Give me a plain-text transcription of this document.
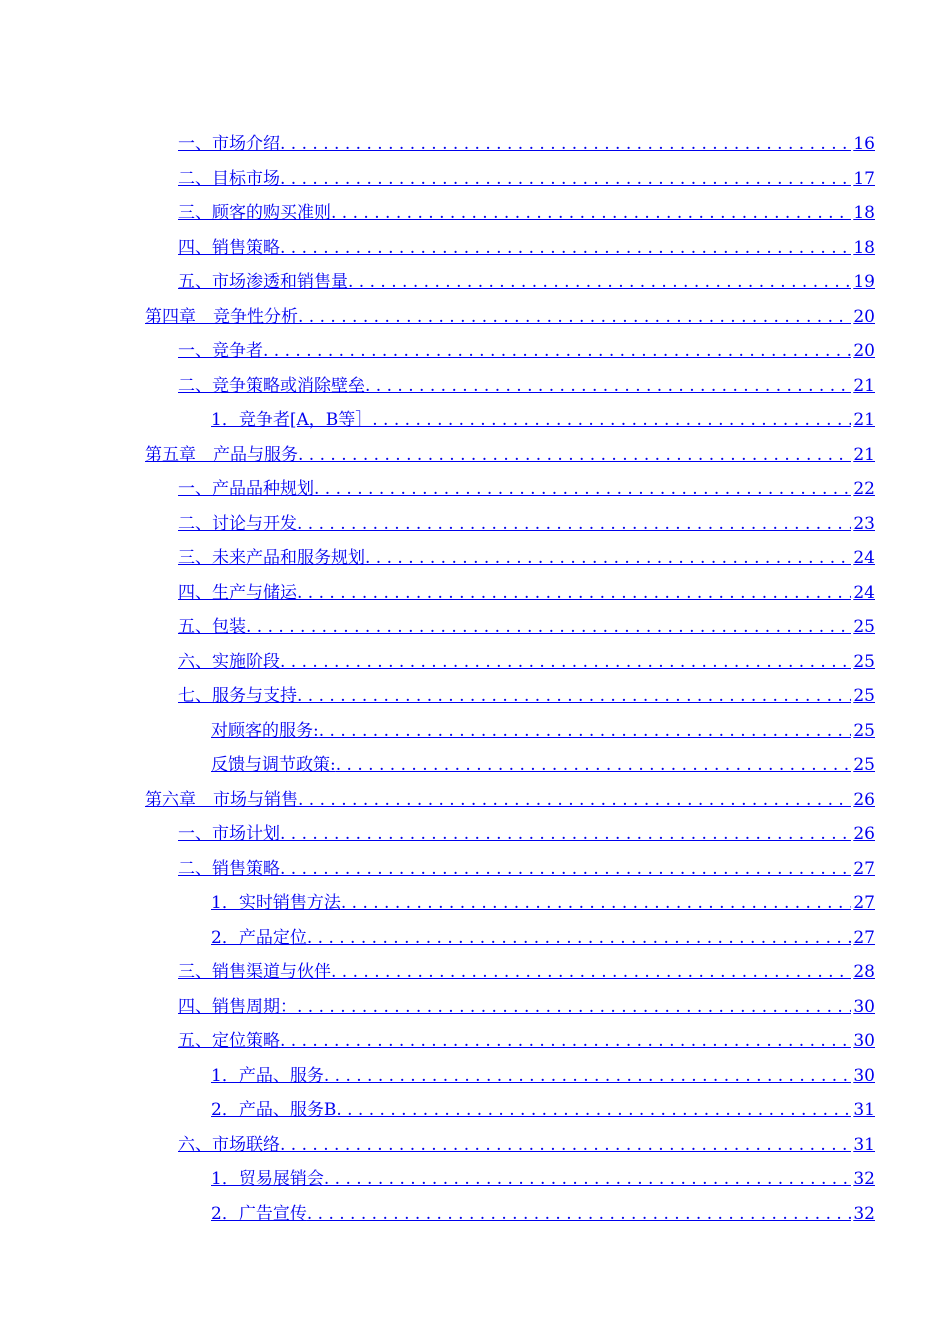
一、市场介绍 . . .	16
二、目标市场 . . .	17
三、顾客的购买准则 . . .	18
四、销售策略 . . .	18
五、市场渗透和销售量 . . .	19
第四章　竞争性分析 . . .	20
一、竞争者 . . .	20
二、竞争策略或消除壁垒 . . .	21
1．竞争者[A，B等］ . . .	21
第五章　产品与服务 . . .	21
一、产品品种规划 . . .	22
二、讨论与开发 . . .	23
三、未来产品和服务规划 . . .	24
四、生产与储运 . . .	24
五、包装 . . .	25
六、实施阶段 . . .	25
七、服务与支持 . . .	25
对顾客的服务: . . .	25
反馈与调节政策: . . .	25
第六章　市场与销售 . . .	26
一、市场计划 . . .	26
二、销售策略 . . .	27
1．实时销售方法 . . .	27
2．产品定位 . . .	27
三、销售渠道与伙伴 . . .	28
四、销售周期： . . .	30
五、定位策略 . . .	30
1．产品、服务 . . .	30
2．产品、服务B . . .	31
六、市场联络 . . .	31
1．贸易展销会 . . .	32
2．广告宣传 . . .	32
